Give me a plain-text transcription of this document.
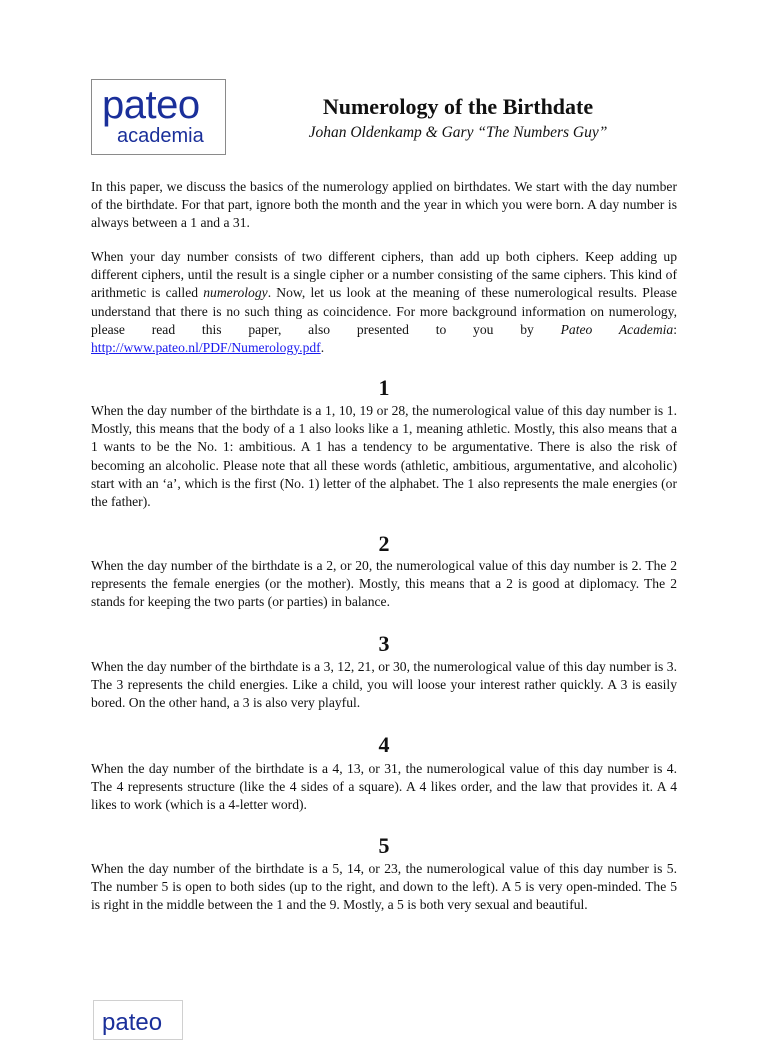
pateo
academia
Numerology of the Birthdate
Johan Oldenkamp & Gary “The Numbers Guy”

In this paper, we discuss the basics of the numerology applied on birthdates. We start with the day number of the birthdate. For that part, ignore both the month and the year in which you were born. A day number is always between a 1 and a 31.

When your day number consists of two different ciphers, than add up both ciphers. Keep adding up different ciphers, until the result is a single cipher or a number consisting of the same ciphers. This kind of arithmetic is called numerology. Now, let us look at the meaning of these numerological results. Please understand that there is no such thing as coincidence. For more background information on numerology, please read this paper, also presented to you by Pateo Academia: http://www.pateo.nl/PDF/Numerology.pdf.

1

When the day number of the birthdate is a 1, 10, 19 or 28, the numerological value of this day number is 1. Mostly, this means that the body of a 1 also looks like a 1, meaning athletic. Mostly, this also means that a 1 wants to be the No. 1: ambitious. A 1 has a tendency to be argumentative. There is also the risk of becoming an alcoholic. Please note that all these words (athletic, ambitious, argumentative, and alcoholic) start with an ‘a’, which is the first (No. 1) letter of the alphabet. The 1 also represents the male energies (or the father).

2

When the day number of the birthdate is a 2, or 20, the numerological value of this day number is 2. The 2 represents the female energies (or the mother). Mostly, this means that a 2 is good at diplomacy. The 2 stands for keeping the two parts (or parties) in balance.

3

When the day number of the birthdate is a 3, 12, 21, or 30, the numerological value of this day number is 3. The 3 represents the child energies. Like a child, you will loose your interest rather quickly. A 3 is easily bored. On the other hand, a 3 is also very playful.

4

When the day number of the birthdate is a 4, 13, or 31, the numerological value of this day number is 4. The 4 represents structure (like the 4 sides of a square). A 4 likes order, and the law that provides it. A 4 likes to work (which is a 4-letter word).

5

When the day number of the birthdate is a 5, 14, or 23, the numerological value of this day number is 5. The number 5 is open to both sides (up to the right, and down to the left). A 5 is very open-minded. The 5 is right in the middle between the 1 and the 9. Mostly, a 5 is both very sexual and beautiful.

pateo
